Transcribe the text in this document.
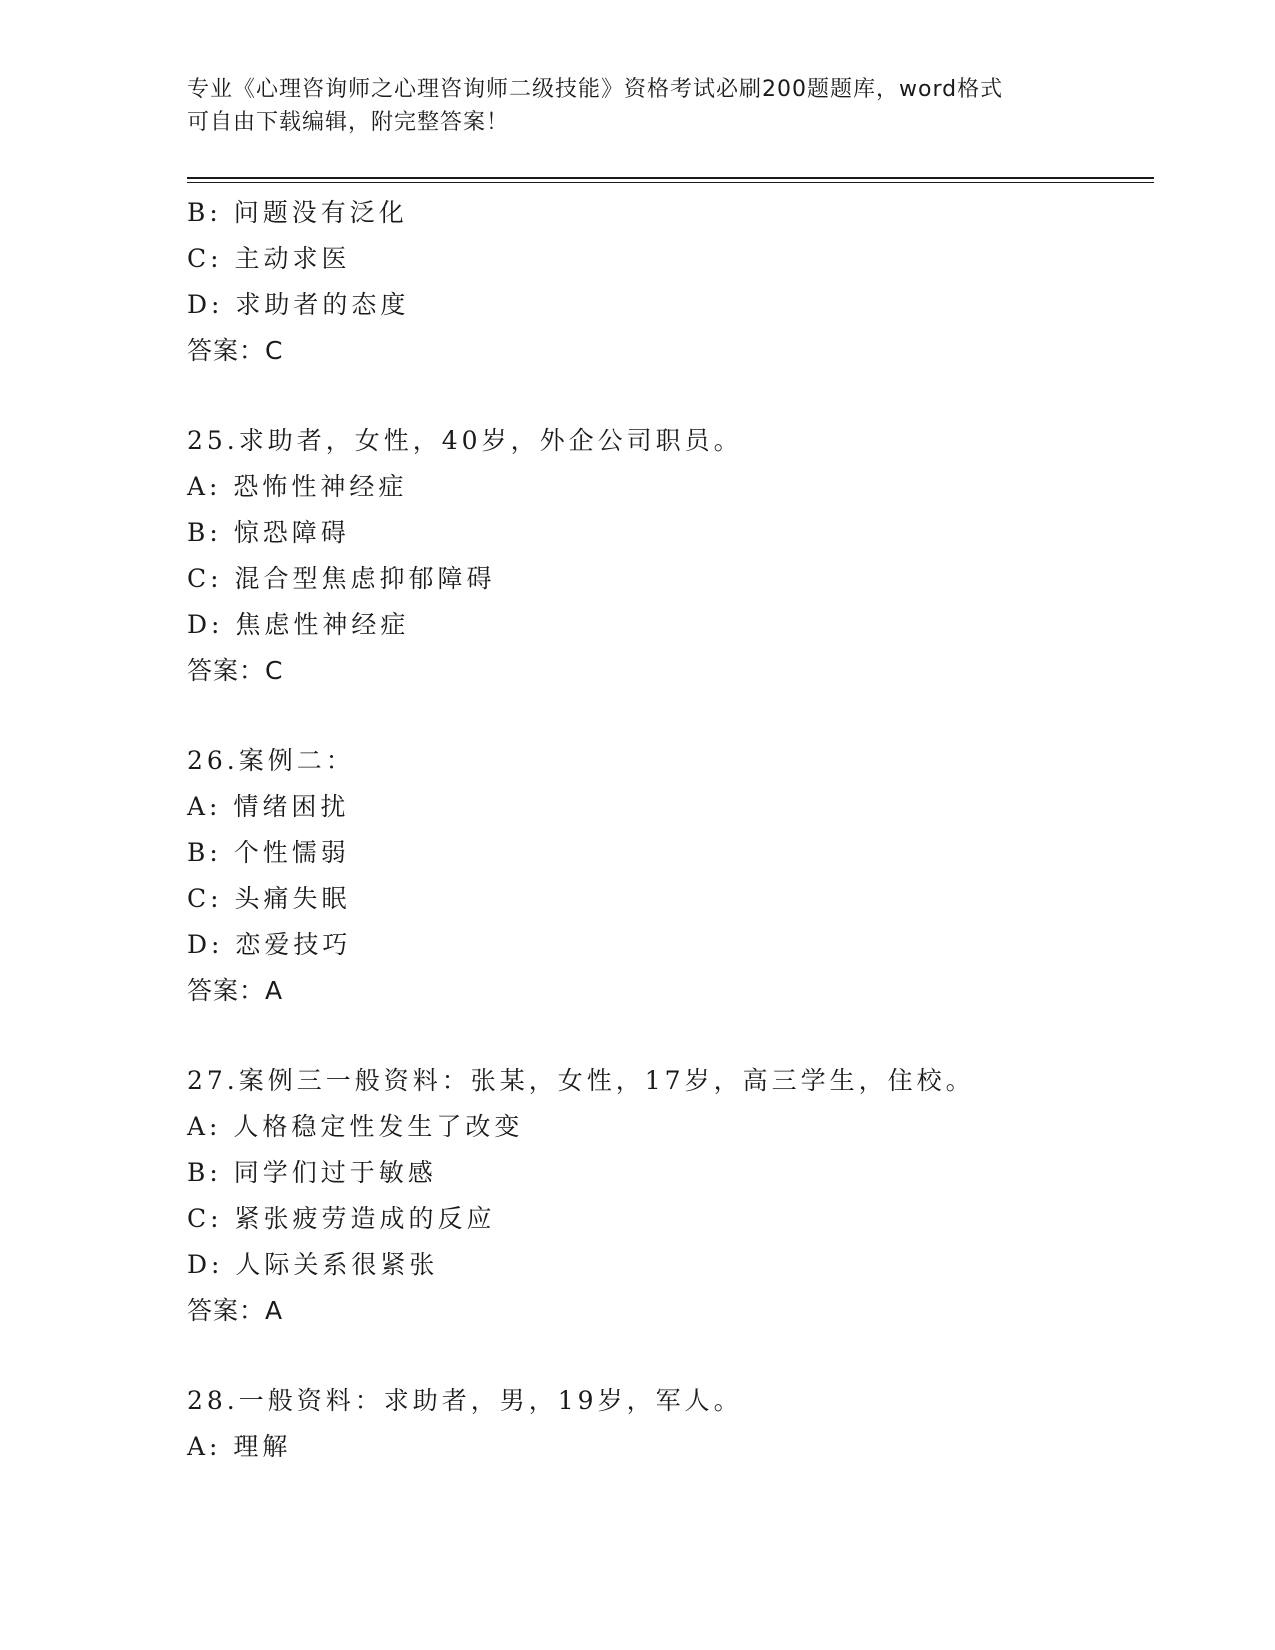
专业《心理咨询师之心理咨询师二级技能》资格考试必刷200题题库，word格式
可自由下载编辑，附完整答案！
B: 问题没有泛化
C: 主动求医
D: 求助者的态度
答案：C
25.求助者，女性，40岁，外企公司职员。
A: 恐怖性神经症
B: 惊恐障碍
C: 混合型焦虑抑郁障碍
D: 焦虑性神经症
答案：C
26.案例二：
A: 情绪困扰
B: 个性懦弱
C: 头痛失眠
D: 恋爱技巧
答案：A
27.案例三一般资料：张某，女性，17岁，高三学生，住校。
A: 人格稳定性发生了改变
B: 同学们过于敏感
C: 紧张疲劳造成的反应
D: 人际关系很紧张
答案：A
28.一般资料：求助者，男，19岁，军人。
A: 理解
